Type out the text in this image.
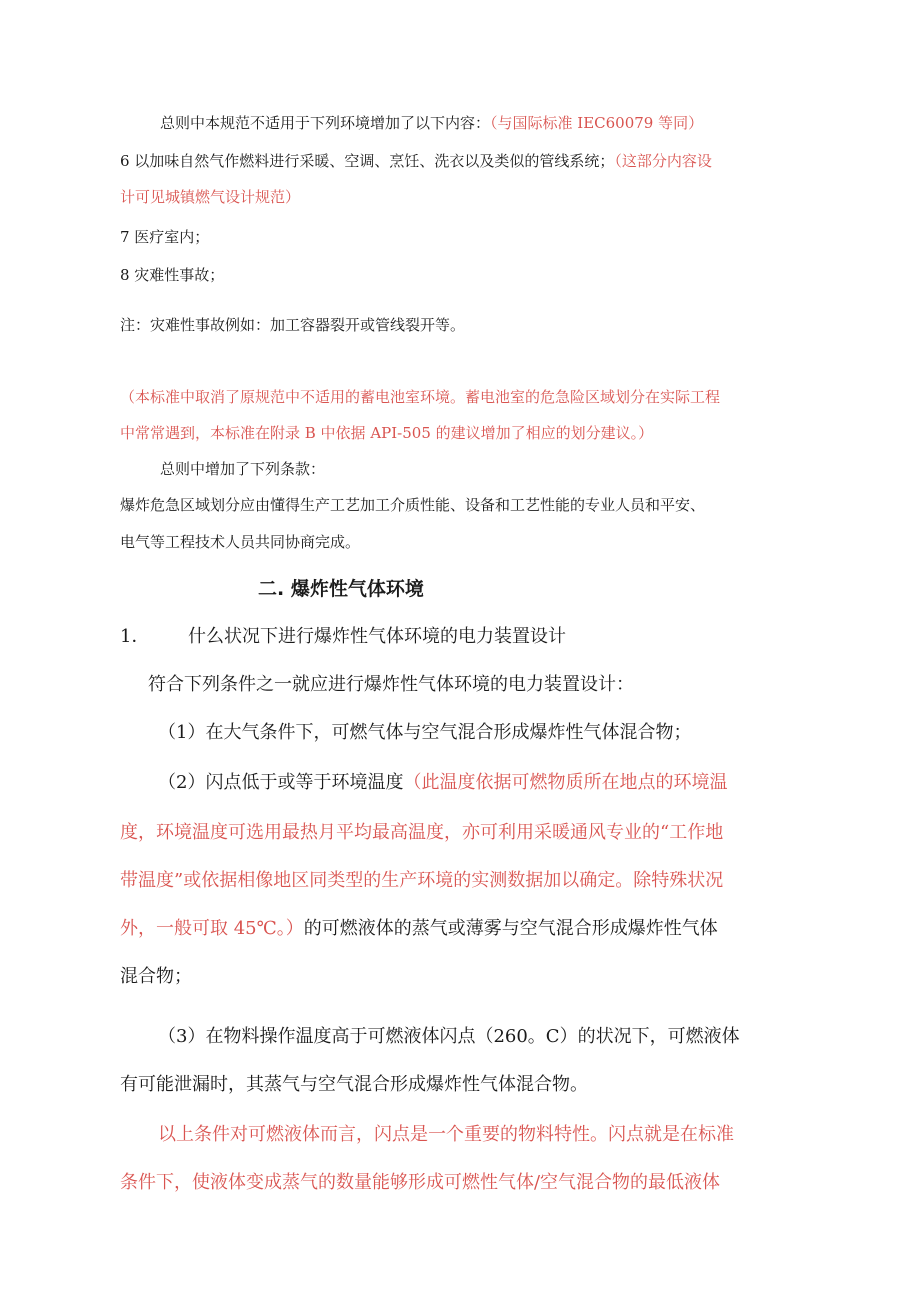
总则中本规范不适用于下列环境增加了以下内容：（与国际标准 IEC60079 等同）

6 以加味自然气作燃料进行采暖、空调、烹饪、洗衣以及类似的管线系统；（这部分内容设

计可见城镇燃气设计规范）

7 医疗室内；

8 灾难性事故；

注：灾难性事故例如：加工容器裂开或管线裂开等。

（本标准中取消了原规范中不适用的蓄电池室环境。蓄电池室的危急险区域划分在实际工程

中常常遇到，本标准在附录 B 中依据 API-505 的建议增加了相应的划分建议。）

总则中增加了下列条款：

爆炸危急区域划分应由懂得生产工艺加工介质性能、设备和工艺性能的专业人员和平安、

电气等工程技术人员共同协商完成。

二. 爆炸性气体环境

1． 什么状况下进行爆炸性气体环境的电力装置设计

符合下列条件之一就应进行爆炸性气体环境的电力装置设计：

（1）在大气条件下，可燃气体与空气混合形成爆炸性气体混合物；

（2）闪点低于或等于环境温度（此温度依据可燃物质所在地点的环境温

度，环境温度可选用最热月平均最高温度，亦可利用采暖通风专业的“工作地

带温度”或依据相像地区同类型的生产环境的实测数据加以确定。除特殊状况

外，一般可取 45℃。）的可燃液体的蒸气或薄雾与空气混合形成爆炸性气体

混合物；

（3）在物料操作温度高于可燃液体闪点（260。C）的状况下，可燃液体

有可能泄漏时，其蒸气与空气混合形成爆炸性气体混合物。

以上条件对可燃液体而言，闪点是一个重要的物料特性。闪点就是在标准

条件下，使液体变成蒸气的数量能够形成可燃性气体/空气混合物的最低液体
